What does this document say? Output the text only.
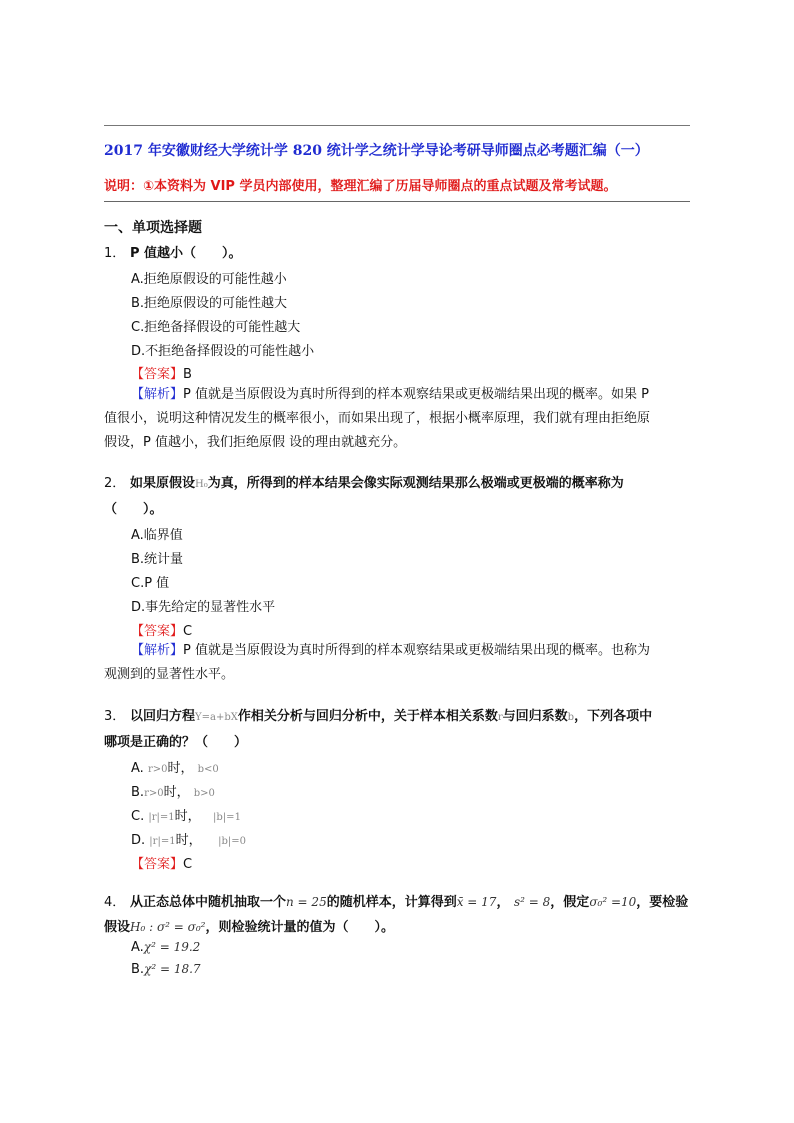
2017 年安徽财经大学统计学 820 统计学之统计学导论考研导师圈点必考题汇编（一）
说明：①本资料为 VIP 学员内部使用，整理汇编了历届导师圈点的重点试题及常考试题。
一、单项选择题
1． P 值越小（　　）。
A.拒绝原假设的可能性越小
B.拒绝原假设的可能性越大
C.拒绝备择假设的可能性越大
D.不拒绝备择假设的可能性越小
【答案】B
【解析】P 值就是当原假设为真时所得到的样本观察结果或更极端结果出现的概率。如果 P
值很小，说明这种情况发生的概率很小，而如果出现了，根据小概率原理，我们就有理由拒绝原
假设，P 值越小，我们拒绝原假 设的理由就越充分。
2． 如果原假设H₀为真，所得到的样本结果会像实际观测结果那么极端或更极端的概率称为
（　　）。
A.临界值
B.统计量
C.P 值
D.事先给定的显著性水平
【答案】C
【解析】P 值就是当原假设为真时所得到的样本观察结果或更极端结果出现的概率。也称为
观测到的显著性水平。
3． 以回归方程Y=a+bX作相关分析与回归分析中，关于样本相关系数r与回归系数b，下列各项中
哪项是正确的？（　　）
A. r>0时， b<0
B.r>0时， b>0
C. |r|=1时， |b|=1
D. |r|=1时， |b|=0
【答案】C
4． 从正态总体中随机抽取一个n = 25的随机样本，计算得到x̄ = 17， s² = 8，假定σ₀² =10，要检验
假设H₀ : σ² = σ₀²，则检验统计量的值为（　　）。
A.χ² = 19.2
B.χ² = 18.7
